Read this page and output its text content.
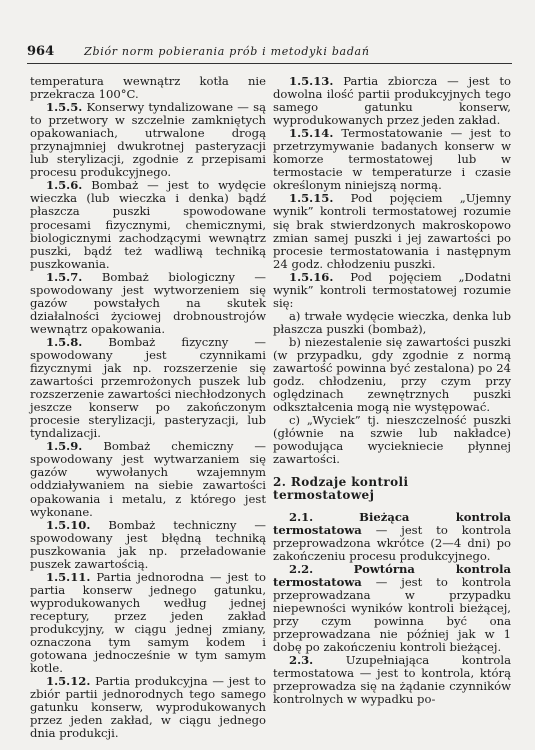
964	Zbiór norm pobierania prób i metodyki badań

temperatura wewnątrz kotła nie przekracza 100°C.

1.5.5. Konserwy tyndalizowane — są to przetwory w szczelnie zamkniętych opakowaniach, utrwalone drogą przynajmniej dwukrotnej pasteryzacji lub sterylizacji, zgodnie z przepisami procesu produkcyjnego.

1.5.6. Bombaż — jest to wydęcie wieczka (lub wieczka i denka) bądź płaszcza puszki spowodowane procesami fizycznymi, chemicznymi, biologicznymi zachodzącymi wewnątrz puszki, bądź też wadliwą techniką puszkowania.

1.5.7. Bombaż biologiczny — spowodowany jest wytworzeniem się gazów powstałych na skutek działalności życiowej drobnoustrojów wewnątrz opakowania.

1.5.8. Bombaż fizyczny — spowodowany jest czynnikami fizycznymi jak np. rozszerzenie się zawartości przemrożonych puszek lub rozszerzenie zawartości niechłodzonych jeszcze konserw po zakończonym procesie sterylizacji, pasteryzacji, lub tyndalizacji.

1.5.9. Bombaż chemiczny — spowodowany jest wytwarzaniem się gazów wywołanych wzajemnym oddziaływaniem na siebie zawartości opakowania i metalu, z którego jest wykonane.

1.5.10. Bombaż techniczny — spowodowany jest błędną techniką puszkowania jak np. przeładowanie puszek zawartością.

1.5.11. Partia jednorodna — jest to partia konserw jednego gatunku, wyprodukowanych według jednej receptury, przez jeden zakład produkcyjny, w ciągu jednej zmiany, oznaczona tym samym kodem i gotowana jednocześnie w tym samym kotle.

1.5.12. Partia produkcyjna — jest to zbiór partii jednorodnych tego samego gatunku konserw, wyprodukowanych przez jeden zakład, w ciągu jednego dnia produkcji.

1.5.13. Partia zbiorcza — jest to dowolna ilość partii produkcyjnych tego samego gatunku konserw, wyprodukowanych przez jeden zakład.

1.5.14. Termostatowanie — jest to przetrzymywanie badanych konserw w komorze termostatowej lub w termostacie w temperaturze i czasie określonym niniejszą normą.

1.5.15. Pod pojęciem „Ujemny wynik” kontroli termostatowej rozumie się brak stwierdzonych makroskopowo zmian samej puszki i jej zawartości po procesie termostatowania i następnym 24 godz. chłodzeniu puszki.

1.5.16. Pod pojęciem „Dodatni wynik” kontroli termostatowej rozumie się:

a) trwałe wydęcie wieczka, denka lub płaszcza puszki (bombaż),

b) niezestalenie się zawartości puszki (w przypadku, gdy zgodnie z normą zawartość powinna być zestalona) po 24 godz. chłodzeniu, przy czym przy oględzinach zewnętrznych puszki odkształcenia mogą nie występować.

c) „Wyciek” tj. nieszczelność puszki (głównie na szwie lub nakładce) powodująca wyciekniecie płynnej zawartości.

2. Rodzaje kontroli termostatowej

2.1.	Bieżąca kontrola termostatowa — jest to kontrola przeprowadzona wkrótce (2—4 dni) po zakończeniu procesu produkcyjnego.

2.2.	Powtórna kontrola termostatowa — jest to kontrola przeprowadzana w przypadku niepewności wyników kontroli bieżącej, przy czym powinna być ona przeprowadzana nie później jak w 1 dobę po zakończeniu kontroli bieżącej.

2.3.	Uzupełniająca kontrola termostatowa — jest to kontrola, którą przeprowadza się na żądanie czynników kontrolnych w wypadku po-
